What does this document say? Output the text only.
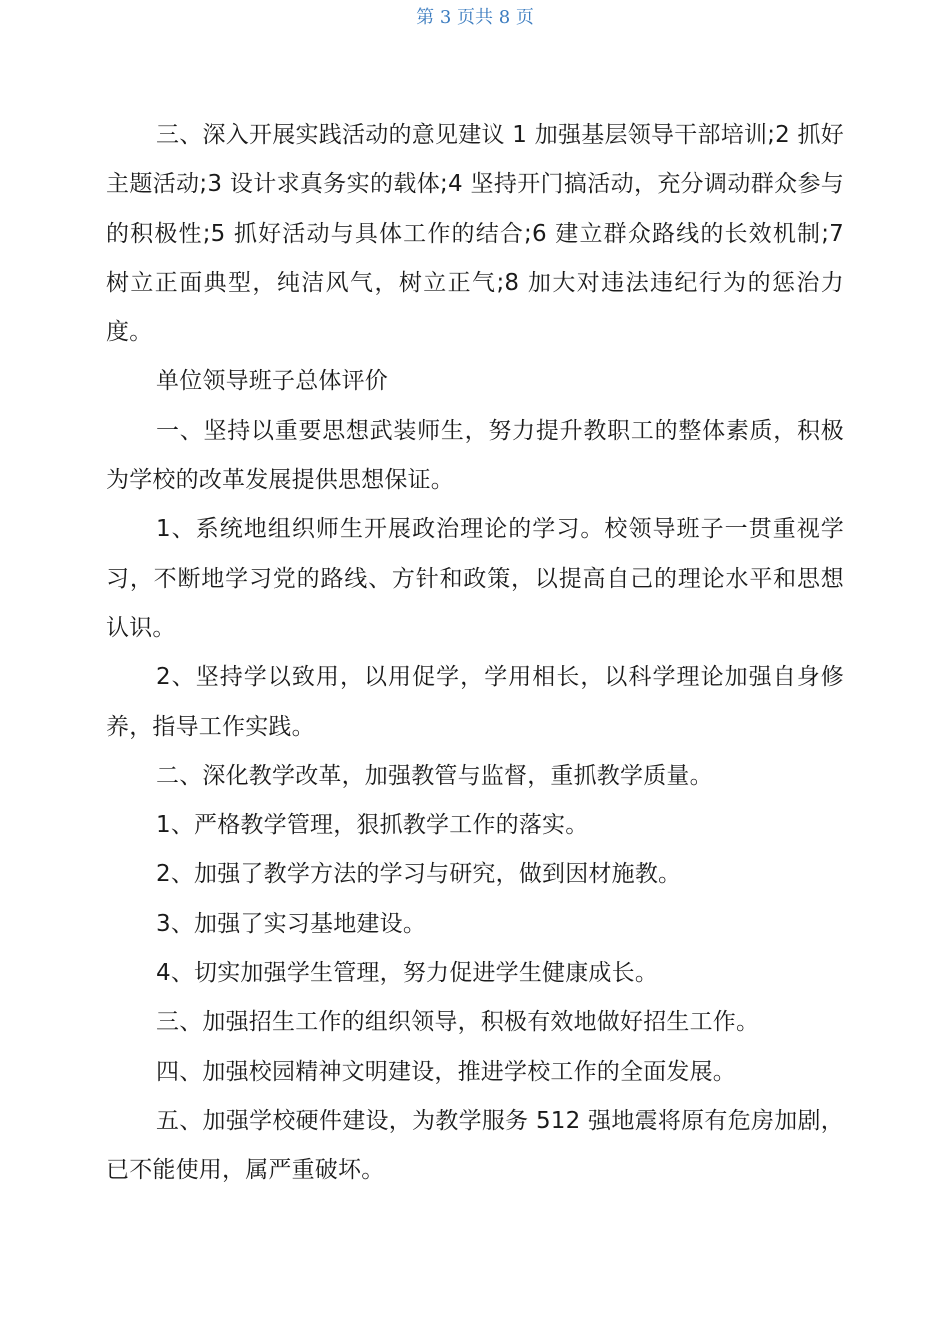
第 3 页共 8 页

三、深入开展实践活动的意见建议 1 加强基层领导干部培训;2 抓好主题活动;3 设计求真务实的载体;4 坚持开门搞活动，充分调动群众参与的积极性;5 抓好活动与具体工作的结合;6 建立群众路线的长效机制;7 树立正面典型，纯洁风气，树立正气;8 加大对违法违纪行为的惩治力度。

单位领导班子总体评价

一、坚持以重要思想武装师生，努力提升教职工的整体素质，积极为学校的改革发展提供思想保证。

1、系统地组织师生开展政治理论的学习。校领导班子一贯重视学习，不断地学习党的路线、方针和政策，以提高自己的理论水平和思想认识。

2、坚持学以致用，以用促学，学用相长，以科学理论加强自身修养，指导工作实践。

二、深化教学改革，加强教管与监督，重抓教学质量。

1、严格教学管理，狠抓教学工作的落实。

2、加强了教学方法的学习与研究，做到因材施教。

3、加强了实习基地建设。

4、切实加强学生管理，努力促进学生健康成长。

三、加强招生工作的组织领导，积极有效地做好招生工作。

四、加强校园精神文明建设，推进学校工作的全面发展。

五、加强学校硬件建设，为教学服务 512 强地震将原有危房加剧，已不能使用，属严重破坏。
